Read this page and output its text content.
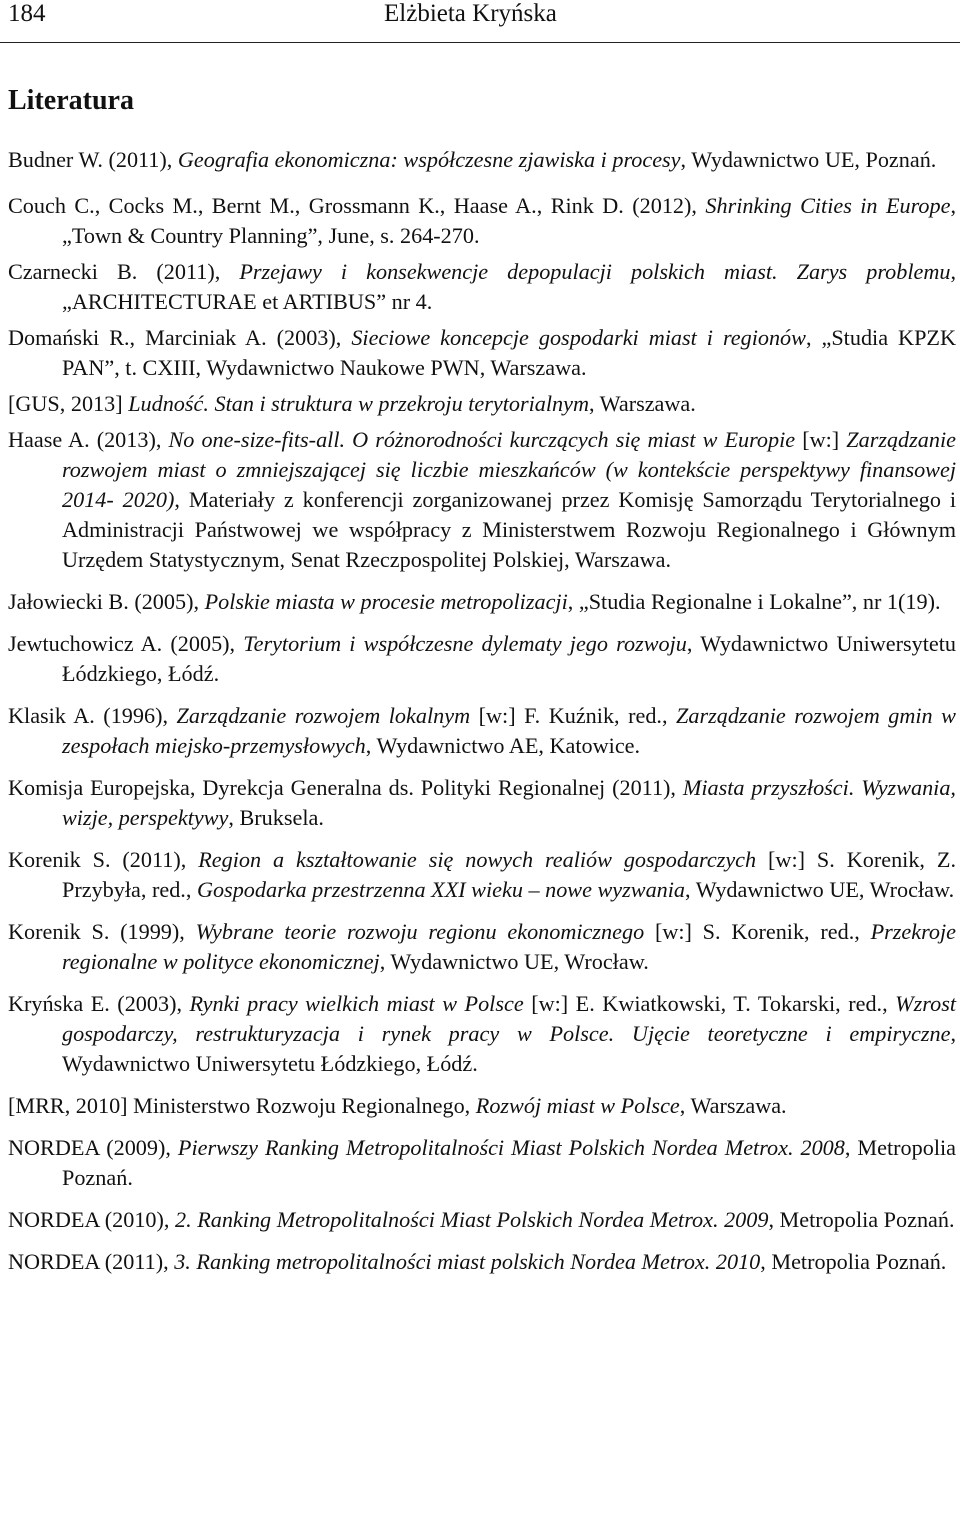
184	Elżbieta Kryńska
Literatura

Budner W. (2011), Geografia ekonomiczna: współczesne zjawiska i procesy, Wydawnictwo UE, Poznań.

Couch C., Cocks M., Bernt M., Grossmann K., Haase A., Rink D. (2012), Shrinking Cities in Europe, „Town & Country Planning”, June, s. 264-270.

Czarnecki B. (2011), Przejawy i konsekwencje depopulacji polskich miast. Zarys problemu, „ARCHITECTURAE et ARTIBUS” nr 4.

Domański R., Marciniak A. (2003), Sieciowe koncepcje gospodarki miast i regionów, „Studia KPZK PAN”, t. CXIII, Wydawnictwo Naukowe PWN, Warszawa.

[GUS, 2013] Ludność. Stan i struktura w przekroju terytorialnym, Warszawa.

Haase A. (2013), No one-size-fits-all. O różnorodności kurczących się miast w Europie [w:] Zarządzanie rozwojem miast o zmniejszającej się liczbie mieszkańców (w kontekście perspektywy finansowej 2014- 2020), Materiały z konferencji zorganizowanej przez Komisję Samorządu Terytorialnego i Administracji Państwowej we współpracy z Ministerstwem Rozwoju Regionalnego i Głównym Urzędem Statystycznym, Senat Rzeczpospolitej Polskiej, Warszawa.

Jałowiecki B. (2005), Polskie miasta w procesie metropolizacji, „Studia Regionalne i Lokalne”, nr 1(19).

Jewtuchowicz A. (2005), Terytorium i współczesne dylematy jego rozwoju, Wydawnictwo Uniwersytetu Łódzkiego, Łódź.

Klasik A. (1996), Zarządzanie rozwojem lokalnym [w:] F. Kuźnik, red., Zarządzanie rozwojem gmin w zespołach miejsko-przemysłowych, Wydawnictwo AE, Katowice.

Komisja Europejska, Dyrekcja Generalna ds. Polityki Regionalnej (2011), Miasta przyszłości. Wyzwania, wizje, perspektywy, Bruksela.

Korenik S. (2011), Region a kształtowanie się nowych realiów gospodarczych [w:] S. Korenik, Z. Przybyła, red., Gospodarka przestrzenna XXI wieku – nowe wyzwania, Wydawnictwo UE, Wrocław.

Korenik S. (1999), Wybrane teorie rozwoju regionu ekonomicznego [w:] S. Korenik, red., Przekroje regionalne w polityce ekonomicznej, Wydawnictwo UE, Wrocław.

Kryńska E. (2003), Rynki pracy wielkich miast w Polsce [w:] E. Kwiatkowski, T. Tokarski, red., Wzrost gospodarczy, restrukturyzacja i rynek pracy w Polsce. Ujęcie teoretyczne i empiryczne, Wydawnictwo Uniwersytetu Łódzkiego, Łódź.

[MRR, 2010] Ministerstwo Rozwoju Regionalnego, Rozwój miast w Polsce, Warszawa.

NORDEA (2009), Pierwszy Ranking Metropolitalności Miast Polskich Nordea Metrox. 2008, Metropolia Poznań.

NORDEA (2010), 2. Ranking Metropolitalności Miast Polskich Nordea Metrox. 2009, Metropolia Poznań.

NORDEA (2011), 3. Ranking metropolitalności miast polskich Nordea Metrox. 2010, Metropolia Poznań.
